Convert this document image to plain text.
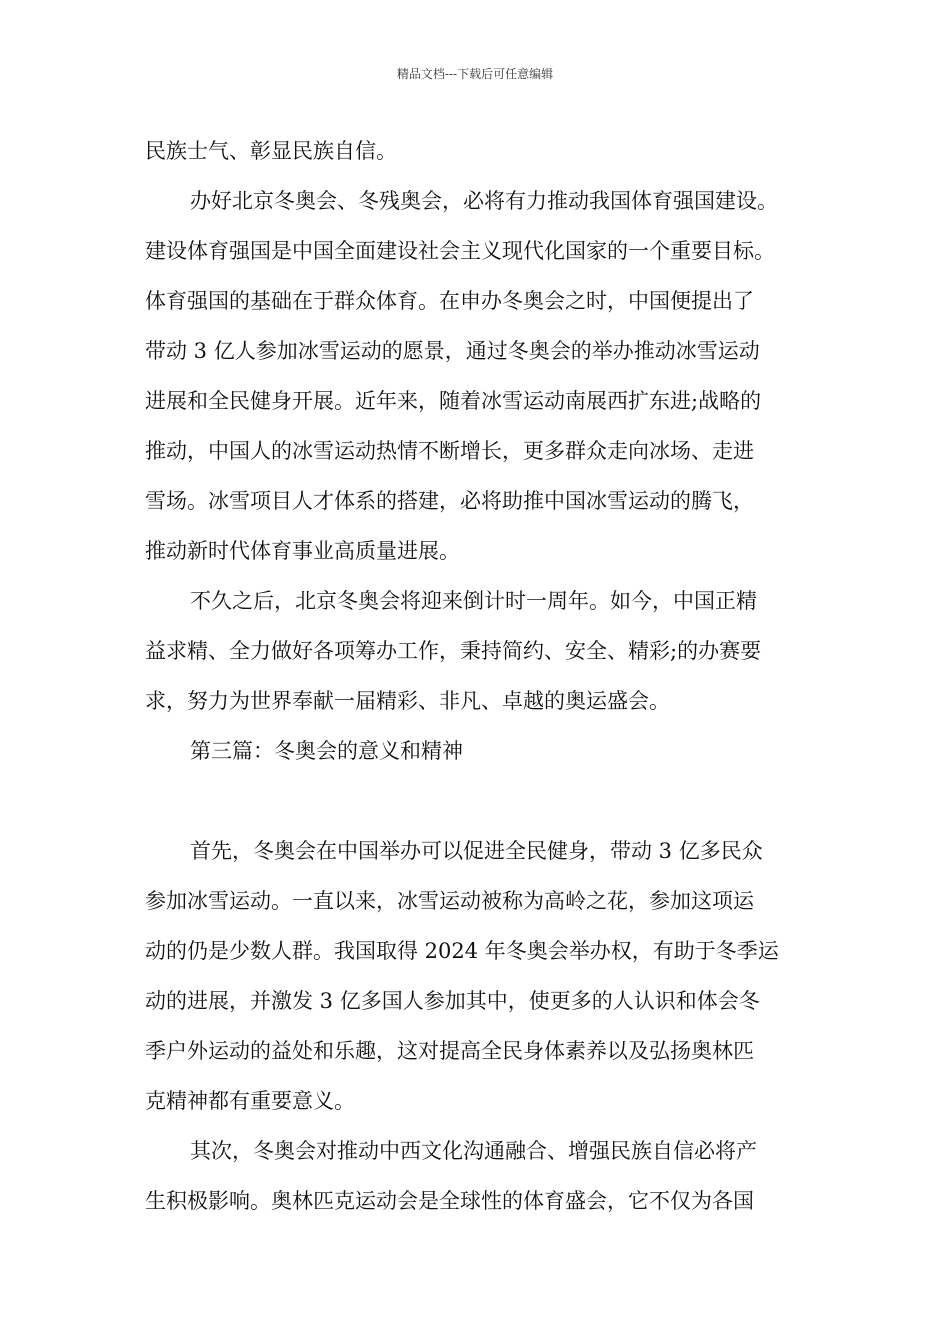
精品文档---下载后可任意编辑
民族士气、彰显民族自信。
办好北京冬奥会、冬残奥会，必将有力推动我国体育强国建设。
建设体育强国是中国全面建设社会主义现代化国家的一个重要目标。
体育强国的基础在于群众体育。在申办冬奥会之时，中国便提出了
带动 3 亿人参加冰雪运动的愿景，通过冬奥会的举办推动冰雪运动
进展和全民健身开展。近年来，随着冰雪运动南展西扩东进;战略的
推动，中国人的冰雪运动热情不断增长，更多群众走向冰场、走进
雪场。冰雪项目人才体系的搭建，必将助推中国冰雪运动的腾飞，
推动新时代体育事业高质量进展。
不久之后，北京冬奥会将迎来倒计时一周年。如今，中国正精
益求精、全力做好各项筹办工作，秉持简约、安全、精彩;的办赛要
求，努力为世界奉献一届精彩、非凡、卓越的奥运盛会。
第三篇：冬奥会的意义和精神
首先，冬奥会在中国举办可以促进全民健身，带动 3 亿多民众
参加冰雪运动。一直以来，冰雪运动被称为高岭之花，参加这项运
动的仍是少数人群。我国取得 2024 年冬奥会举办权，有助于冬季运
动的进展，并激发 3 亿多国人参加其中，使更多的人认识和体会冬
季户外运动的益处和乐趣，这对提高全民身体素养以及弘扬奥林匹
克精神都有重要意义。
其次，冬奥会对推动中西文化沟通融合、增强民族自信必将产
生积极影响。奥林匹克运动会是全球性的体育盛会，它不仅为各国
